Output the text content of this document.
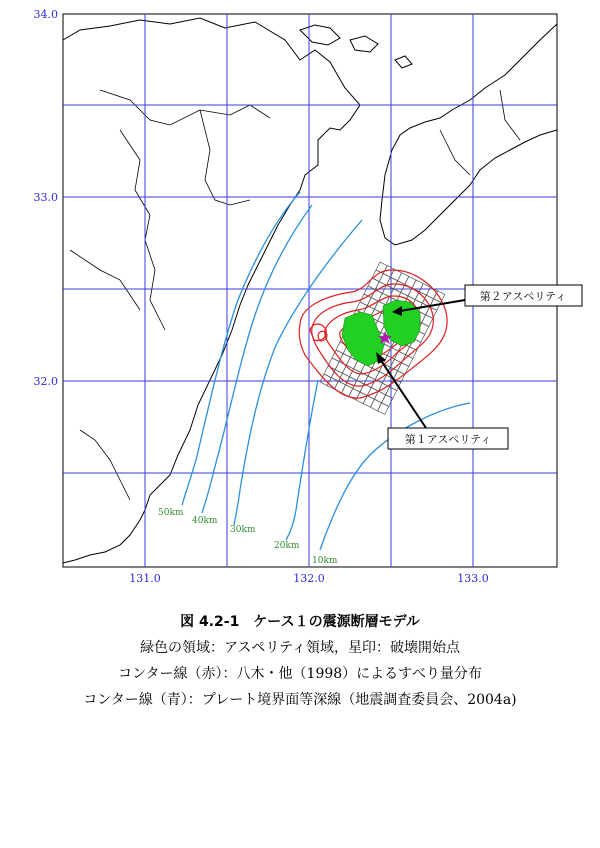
第２アスペリティ
第１アスペリティ
50km
40km
30km
20km
10km
34.0
33.0
32.0
131.0	132.0	133.0
図 4.2-1　ケース１の震源断層モデル
緑色の領域：アスペリティ領域，星印：破壊開始点
コンター線（赤）：八木・他（1998）によるすべり量分布
コンター線（青）：プレート境界面等深線（地震調査委員会、2004a)
